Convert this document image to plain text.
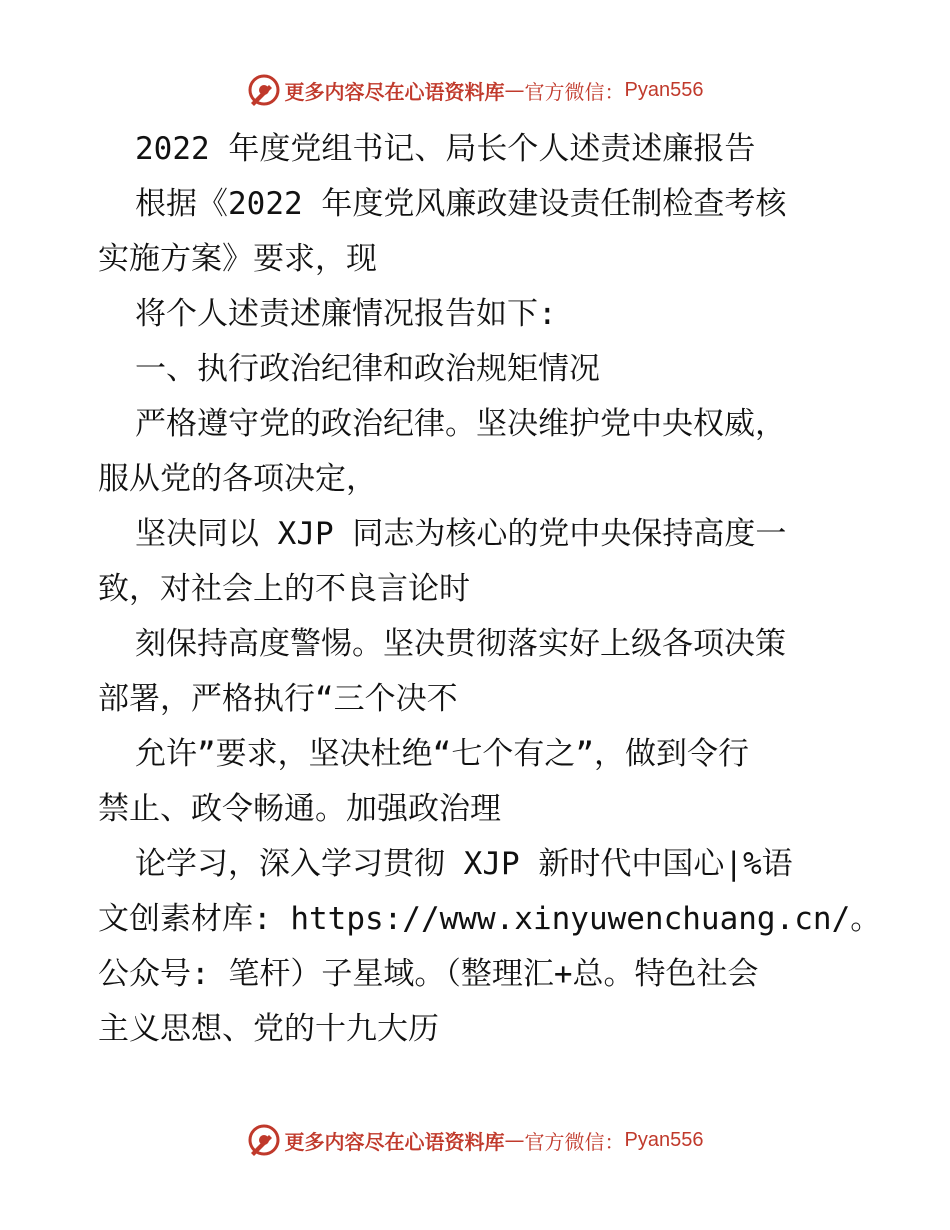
更多内容尽在心语资料库 — 官方微信： Pyan556
2022 年度党组书记、局长个人述责述廉报告
根据《2022 年度党风廉政建设责任制检查考核
实施方案》要求，现
将个人述责述廉情况报告如下:
一、执行政治纪律和政治规矩情况
严格遵守党的政治纪律。坚决维护党中央权威，
服从党的各项决定，
坚决同以 XJP 同志为核心的党中央保持高度一
致，对社会上的不良言论时
刻保持高度警惕。坚决贯彻落实好上级各项决策
部署，严格执行“三个决不
允许”要求，坚决杜绝“七个有之”，做到令行
禁止、政令畅通。加强政治理
论学习，深入学习贯彻 XJP 新时代中国心|%语
文创素材库: https://www.xinyuwenchuang.cn/。
公众号: 笔杆）子星域。（整理汇+总。特色社会
主义思想、党的十九大历
更多内容尽在心语资料库 — 官方微信： Pyan556
